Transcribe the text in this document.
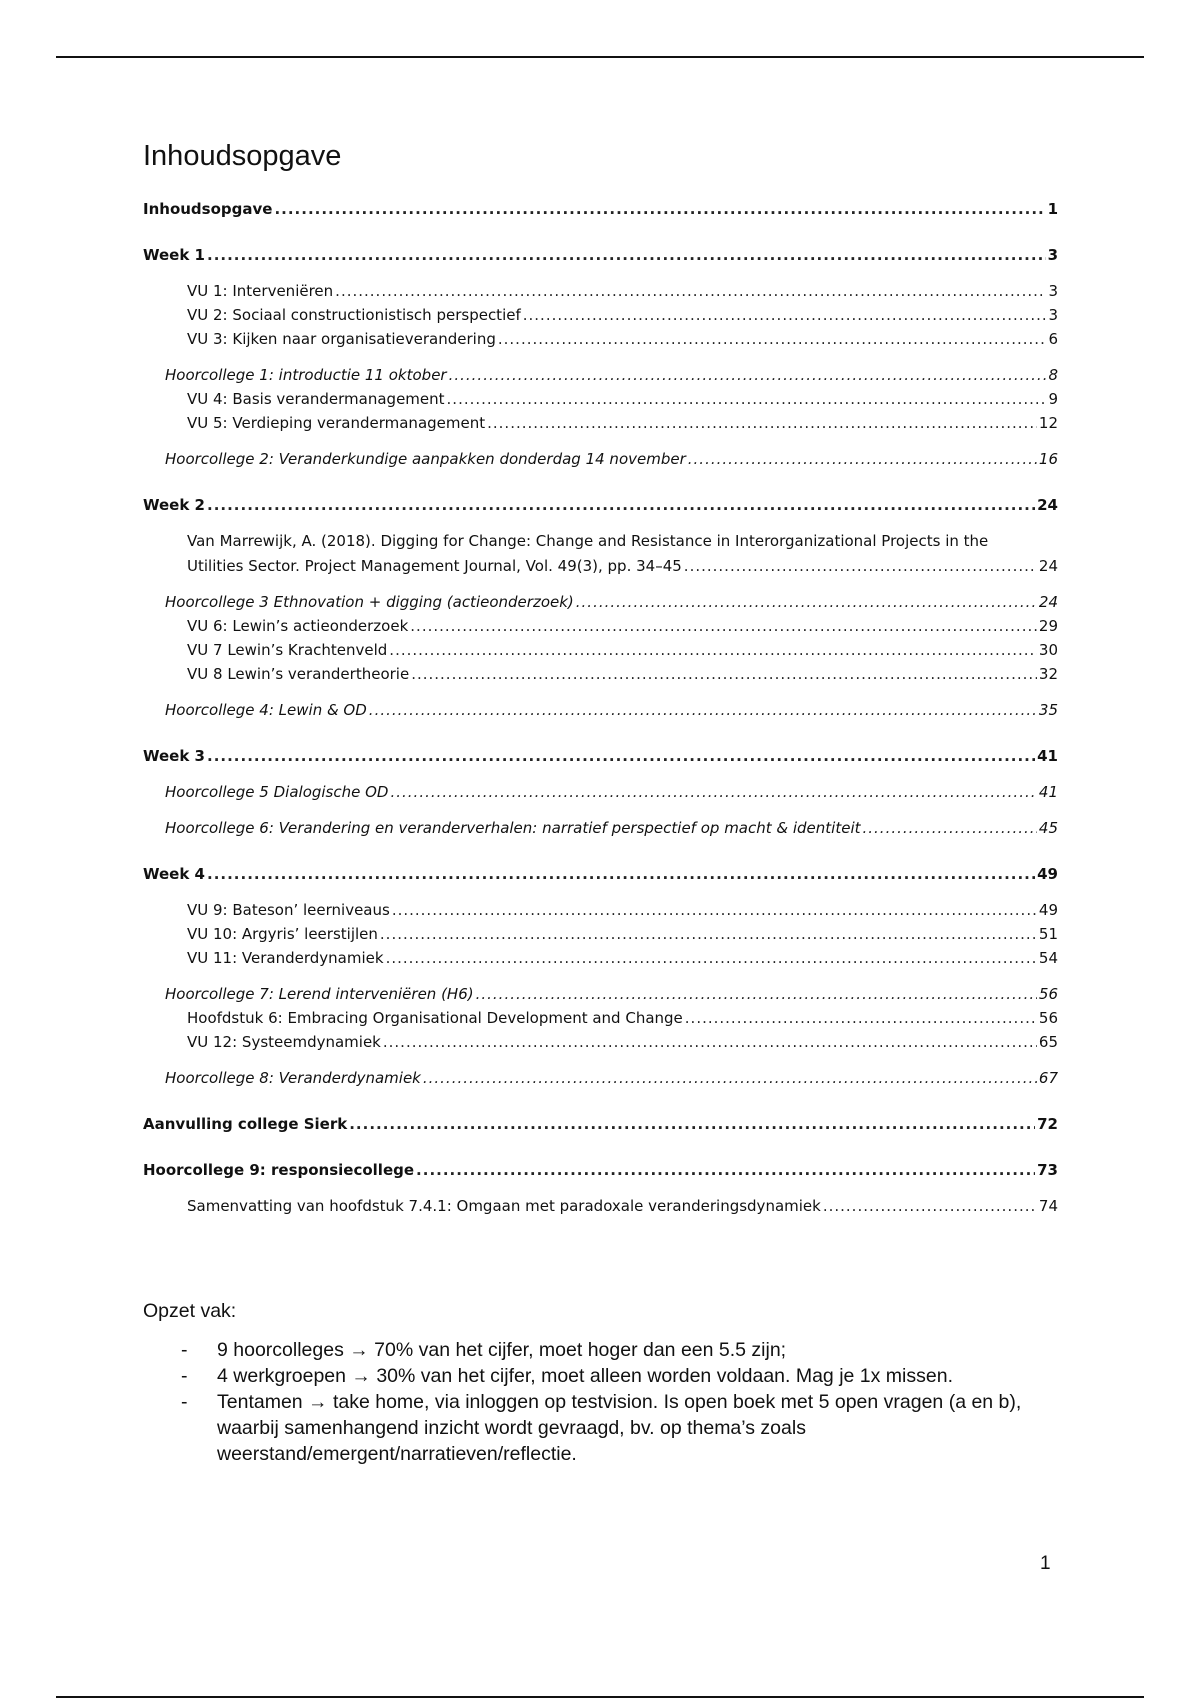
Inhoudsopgave
Inhoudsopgave .....	1
Week 1 .....	3
VU 1: Interveniëren .....	3
VU 2: Sociaal constructionistisch perspectief .....	3
VU 3: Kijken naar organisatieverandering .....	6
Hoorcollege 1: introductie 11 oktober .....	8
VU 4: Basis verandermanagement .....	9
VU 5: Verdieping verandermanagement .....	12
Hoorcollege 2: Veranderkundige aanpakken donderdag 14 november .....	16
Week 2 .....	24
Van Marrewijk, A. (2018). Digging for Change: Change and Resistance in Interorganizational Projects in the
Utilities Sector. Project Management Journal, Vol. 49(3), pp. 34–45 .....	24
Hoorcollege 3 Ethnovation + digging (actieonderzoek) .....	24
VU 6: Lewin’s actieonderzoek .....	29
VU 7 Lewin’s Krachtenveld .....	30
VU 8 Lewin’s verandertheorie .....	32
Hoorcollege 4: Lewin & OD .....	35
Week 3 .....	41
Hoorcollege 5 Dialogische OD .....	41
Hoorcollege 6: Verandering en veranderverhalen: narratief perspectief op macht & identiteit .....	45
Week 4 .....	49
VU 9: Bateson’ leerniveaus .....	49
VU 10: Argyris’ leerstijlen .....	51
VU 11: Veranderdynamiek .....	54
Hoorcollege 7: Lerend interveniëren (H6) .....	56
Hoofdstuk 6: Embracing Organisational Development and Change .....	56
VU 12: Systeemdynamiek .....	65
Hoorcollege 8: Veranderdynamiek .....	67
Aanvulling college Sierk .....	72
Hoorcollege 9: responsiecollege .....	73
Samenvatting van hoofdstuk 7.4.1: Omgaan met paradoxale veranderingsdynamiek .....	74

Opzet vak:

- 9 hoorcolleges → 70% van het cijfer, moet hoger dan een 5.5 zijn;
- 4 werkgroepen → 30% van het cijfer, moet alleen worden voldaan. Mag je 1x missen.
- Tentamen → take home, via inloggen op testvision. Is open boek met 5 open vragen (a en b), waarbij samenhangend inzicht wordt gevraagd, bv. op thema’s zoals weerstand/emergent/narratieven/reflectie.
1
